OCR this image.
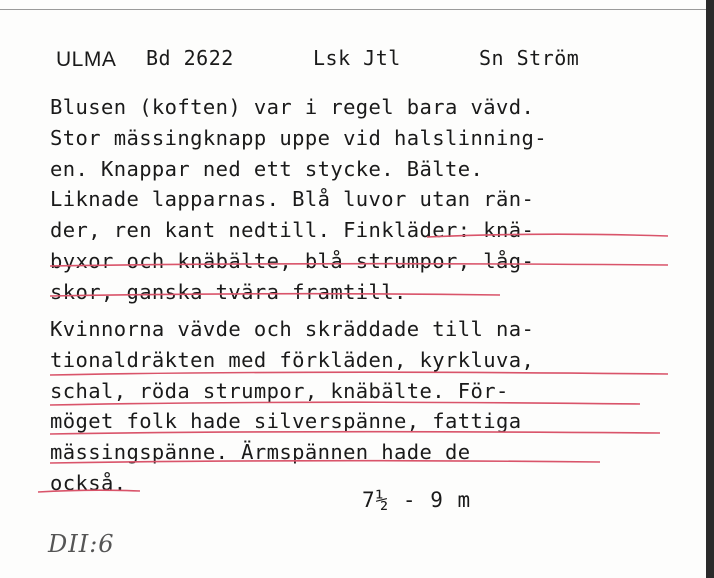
ULMA Bd 2622	Lsk Jtl	Sn Ström
Blusen (koften) var i regel bara vävd.
Stor mässingknapp uppe vid halslinning-
en. Knappar ned ett stycke. Bälte.
Liknade lapparnas. Blå luvor utan rän-
der, ren kant nedtill. Finkläder: knä-
byxor och knäbälte, blå strumpor, låg-
skor, ganska tvära framtill.
Kvinnorna vävde och skräddade till na-
tionaldräkten med förkläden, kyrkluva,
schal, röda strumpor, knäbälte. För-
möget folk hade silverspänne, fattiga
mässingspänne. Ärmspännen hade de
också.
7½ - 9 m
DII:6
